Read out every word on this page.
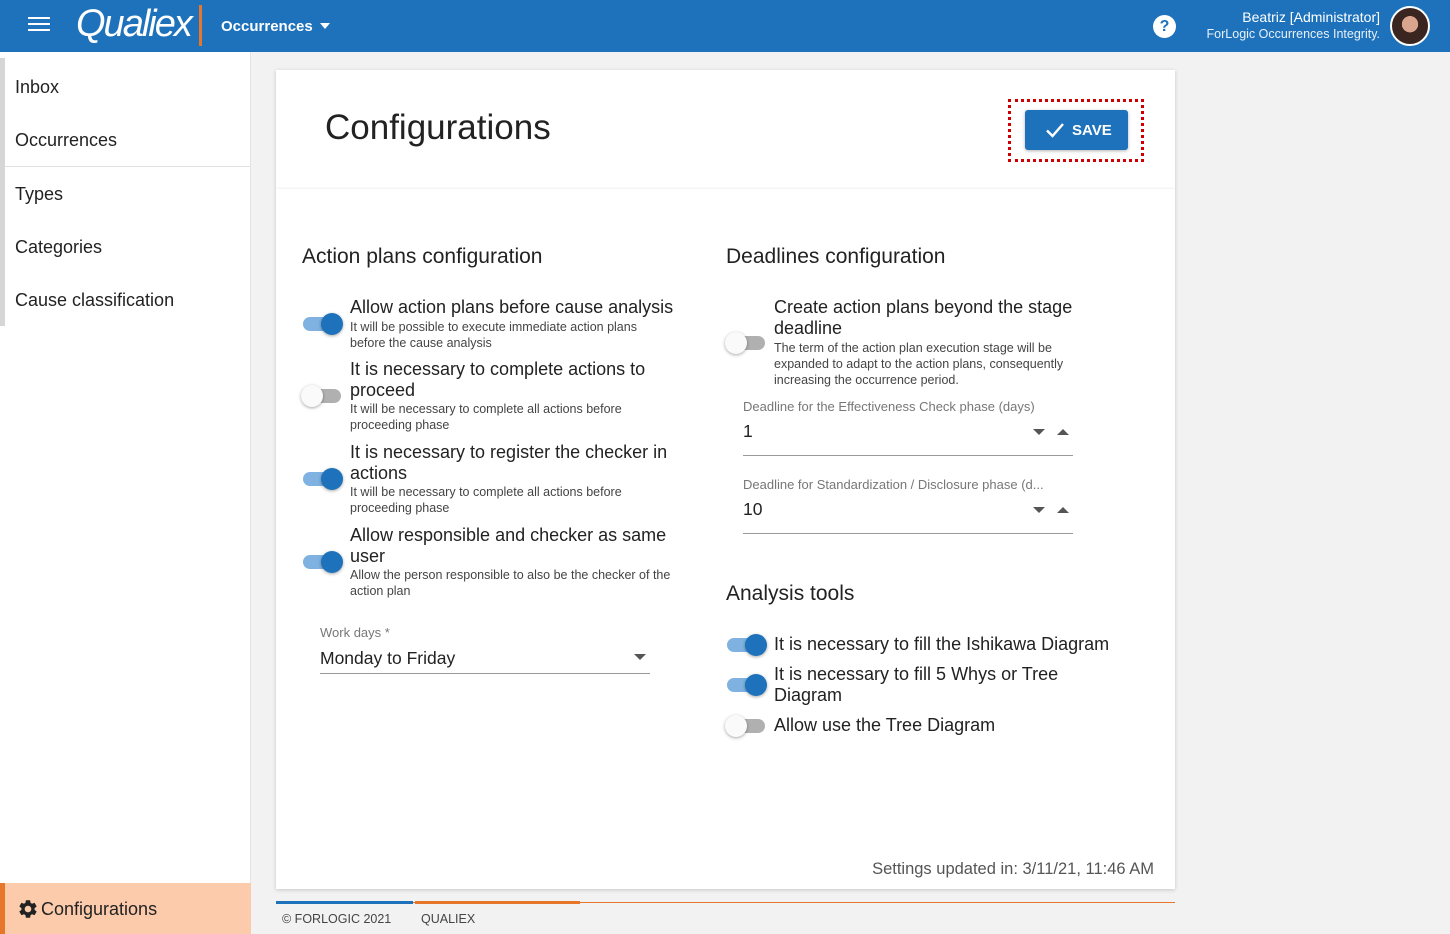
Qualiex Occurrences	?
Beatriz [Administrator]
ForLogic Occurrences Integrity.
Inbox
Occurrences
Types
Categories
Cause classification
Configurations
Configurations	SAVE
Action plans configuration
Allow action plans before cause analysis
It will be possible to execute immediate action plans before the cause analysis
It is necessary to complete actions to proceed
It will be necessary to complete all actions before proceeding phase
It is necessary to register the checker in actions
It will be necessary to complete all actions before proceeding phase
Allow responsible and checker as same user
Allow the person responsible to also be the checker of the action plan
Work days *
Monday to Friday
Deadlines configuration
Create action plans beyond the stage deadline
The term of the action plan execution stage will be expanded to adapt to the action plans, consequently increasing the occurrence period.
Deadline for the Effectiveness Check phase (days)
1
Deadline for Standardization / Disclosure phase (d...
10
Analysis tools
It is necessary to fill the Ishikawa Diagram
It is necessary to fill 5 Whys or Tree Diagram
Allow use the Tree Diagram
Settings updated in: 3/11/21, 11:46 AM
© FORLOGIC 2021 QUALIEX
